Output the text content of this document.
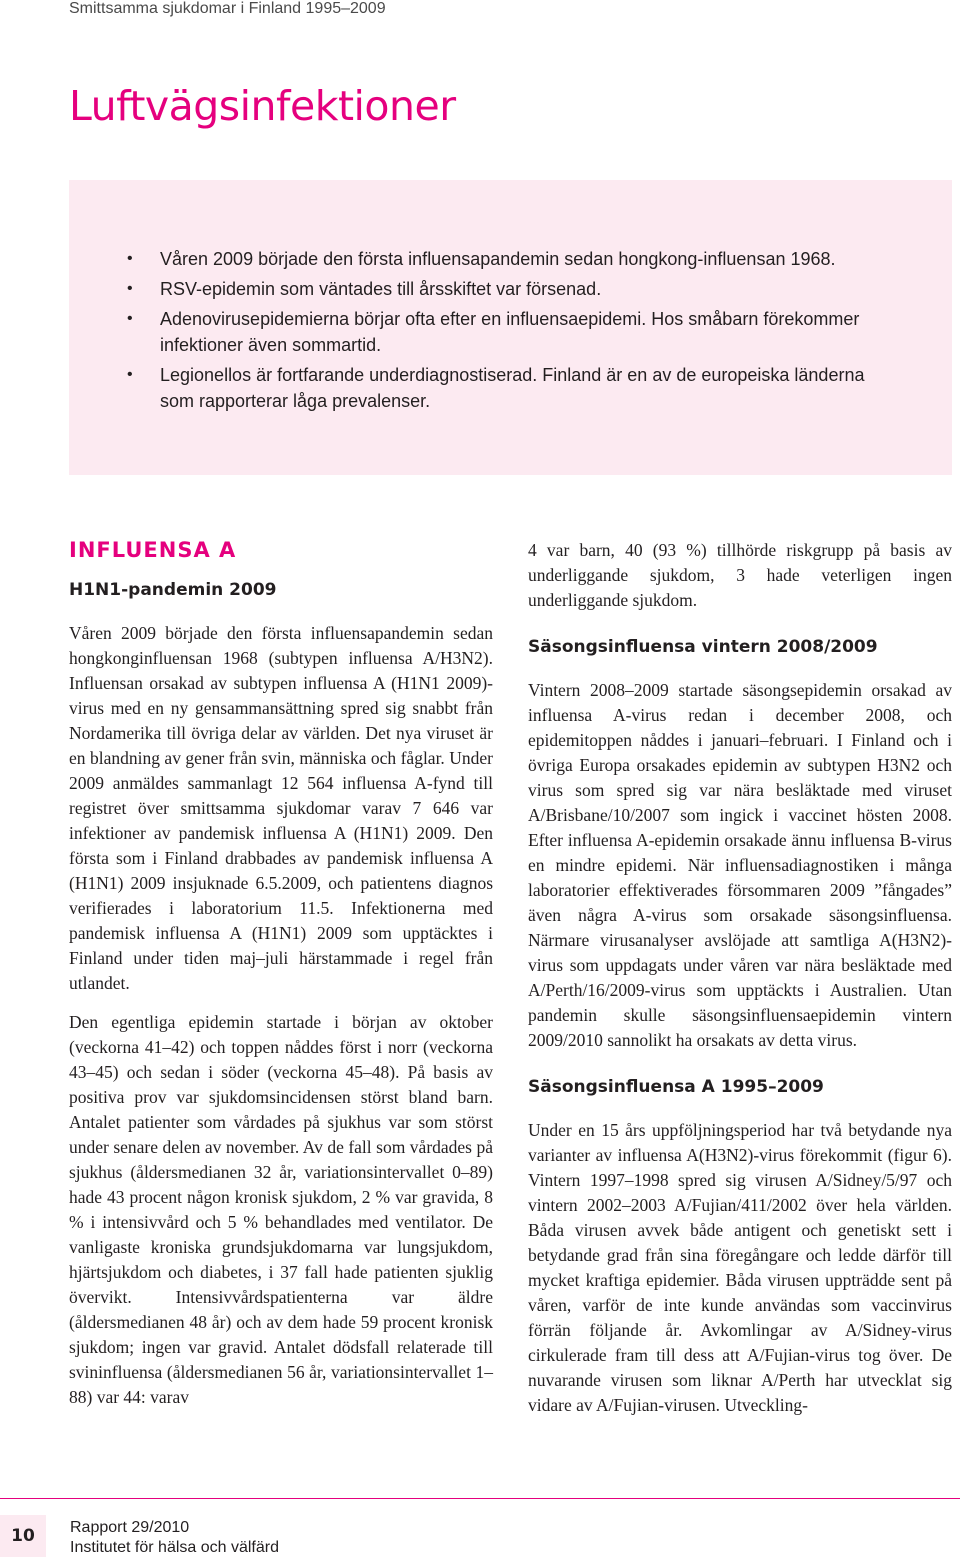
Smittsamma sjukdomar i Finland 1995–2009
Luftvägsinfektioner
• Våren 2009 började den första influensapandemin sedan hongkong-influensan 1968.
• RSV-epidemin som väntades till årsskiftet var försenad.
• Adenovirusepidemierna börjar ofta efter en influensaepidemi. Hos småbarn förekommer infektioner även sommartid.
• Legionellos är fortfarande underdiagnostiserad. Finland är en av de europeiska länderna som rapporterar låga prevalenser.
INFLUENSA A
H1N1-pandemin 2009

Våren 2009 började den första influensapandemin sedan hongkonginfluensan 1968 (subtypen influensa A/H3N2). Influensan orsakad av subtypen influensa A (H1N1 2009)-virus med en ny gensammansättning spred sig snabbt från Nordamerika till övriga delar av världen. Det nya viruset är en blandning av gener från svin, människa och fåglar. Under 2009 anmäldes sammanlagt 12 564 influensa A-fynd till registret över smittsamma sjukdomar varav 7 646 var infektioner av pandemisk influensa A (H1N1) 2009. Den första som i Finland drabbades av pandemisk influensa A (H1N1) 2009 insjuknade 6.5.2009, och patientens diagnos verifierades i laboratorium 11.5. Infektionerna med pandemisk influensa A (H1N1) 2009 som upptäcktes i Finland under tiden maj–juli härstammade i regel från utlandet.

Den egentliga epidemin startade i början av oktober (veckorna 41–42) och toppen nåddes först i norr (veckorna 43–45) och sedan i söder (veckorna 45–48). På basis av positiva prov var sjukdomsincidensen störst bland barn. Antalet patienter som vårdades på sjukhus var som störst under senare delen av november. Av de fall som vårdades på sjukhus (åldersmedianen 32 år, variationsintervallet 0–89) hade 43 procent någon kronisk sjukdom, 2 % var gravida, 8 % i intensivvård och 5 % behandlades med ventilator. De vanligaste kroniska grundsjukdomarna var lungsjukdom, hjärtsjukdom och diabetes, i 37 fall hade patienten sjuklig övervikt. Intensivvårdspatienterna var äldre (åldersmedianen 48 år) och av dem hade 59 procent kronisk sjukdom; ingen var gravid. Antalet dödsfall relaterade till svininfluensa (åldersmedianen 56 år, variationsintervallet 1–88) var 44: varav

4 var barn, 40 (93 %) tillhörde riskgrupp på basis av underliggande sjukdom, 3 hade veterligen ingen underliggande sjukdom.

Säsongsinfluensa vintern 2008/2009

Vintern 2008–2009 startade säsongsepidemin orsakad av influensa A-virus redan i december 2008, och epidemitoppen nåddes i januari–februari. I Finland och i övriga Europa orsakades epidemin av subtypen H3N2 och virus som spred sig var nära besläktade med viruset A/Brisbane/10/2007 som ingick i vaccinet hösten 2008. Efter influensa A-epidemin orsakade ännu influensa B-virus en mindre epidemi. När influensadiagnostiken i många laboratorier effektiverades försommaren 2009 ”fångades” även några A-virus som orsakade säsongsinfluensa. Närmare virusanalyser avslöjade att samtliga A(H3N2)-virus som uppdagats under våren var nära besläktade med A/Perth/16/2009-virus som upptäckts i Australien. Utan pandemin skulle säsongsinfluensaepidemin vintern 2009/2010 sannolikt ha orsakats av detta virus.

Säsongsinfluensa A 1995–2009

Under en 15 års uppföljningsperiod har två betydande nya varianter av influensa A(H3N2)-virus förekommit (figur 6). Vintern 1997–1998 spred sig virusen A/Sidney/5/97 och vintern 2002–2003 A/Fujian/411/2002 över hela världen. Båda virusen avvek både antigent och genetiskt sett i betydande grad från sina föregångare och ledde därför till mycket kraftiga epidemier. Båda virusen uppträdde sent på våren, varför de inte kunde användas som vaccinvirus förrän följande år. Avkomlingar av A/Sidney-virus cirkulerade fram till dess att A/Fujian-virus tog över. De nuvarande virusen som liknar A/Perth har utvecklat sig vidare av A/Fujian-virusen. Utveckling-

10	Rapport 29/2010
Institutet för hälsa och välfärd
